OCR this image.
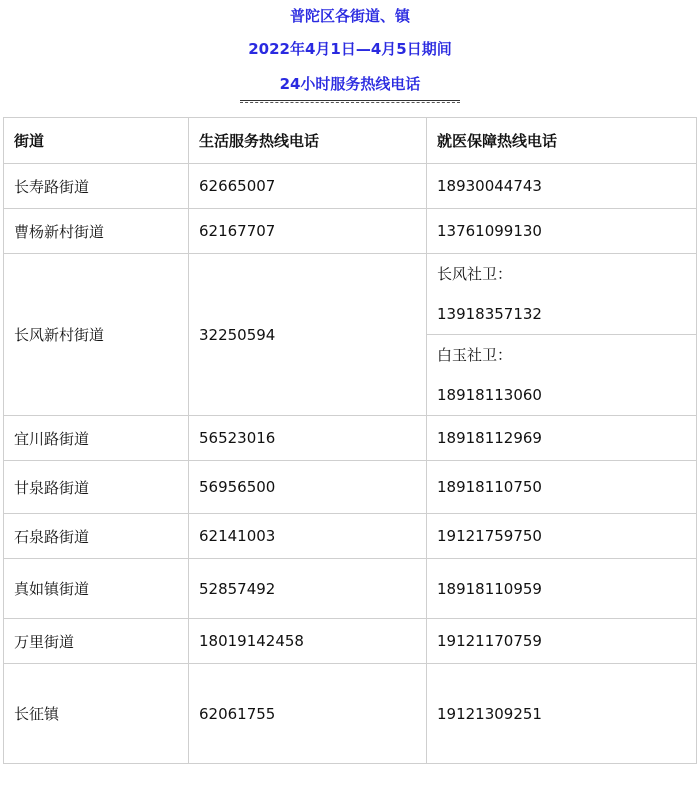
普陀区各街道、镇

2022年4月1日—4月5日期间

24小时服务热线电话

街道	生活服务热线电话	就医保障热线电话
长寿路街道	62665007	18930044743
曹杨新村街道	62167707	13761099130
长风新村街道	32250594	长风社卫：
13918357132

		白玉社卫：
18918113060

宜川路街道	56523016	18918112969
甘泉路街道	56956500	18918110750
石泉路街道	62141003	19121759750
真如镇街道	52857492	18918110959
万里街道	18019142458	19121170759
长征镇	62061755	19121309251
